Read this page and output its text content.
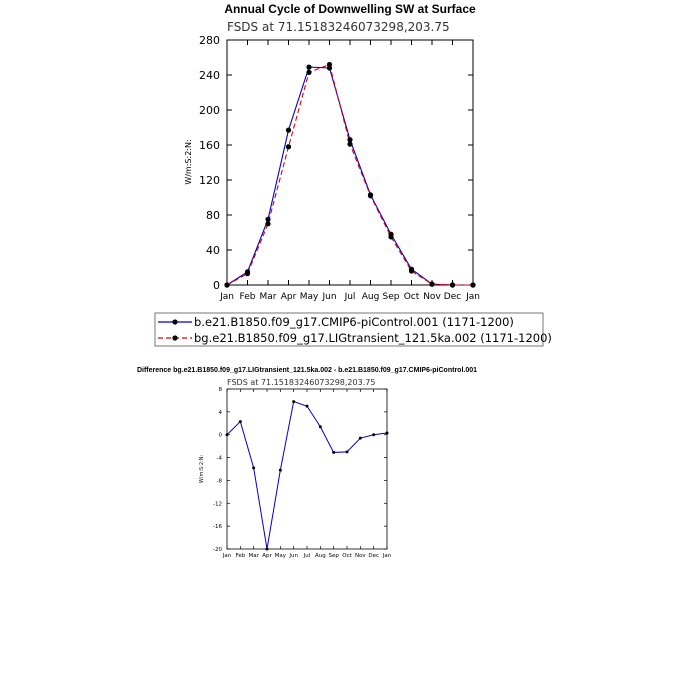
Annual Cycle of Downwelling SW at Surface
FSDS at 71.15183246073298,203.75
W/m:S:2:N:
0
40
80
120
160
200
240
280
Jan Feb Mar Apr May Jun Jul Aug Sep Oct Nov Dec Jan
b.e21.B1850.f09_g17.CMIP6-piControl.001 (1171-1200)
bg.e21.B1850.f09_g17.LIGtransient_121.5ka.002 (1171-1200)
Difference bg.e21.B1850.f09_g17.LIGtransient_121.5ka.002 - b.e21.B1850.f09_g17.CMIP6-piControl.001
FSDS at 71.15183246073298,203.75
W/m:S:2:N:
-20
-16
-12
-8
-4
0
4
8
Jan Feb Mar Apr May Jun Jul Aug Sep Oct Nov Dec Jan
